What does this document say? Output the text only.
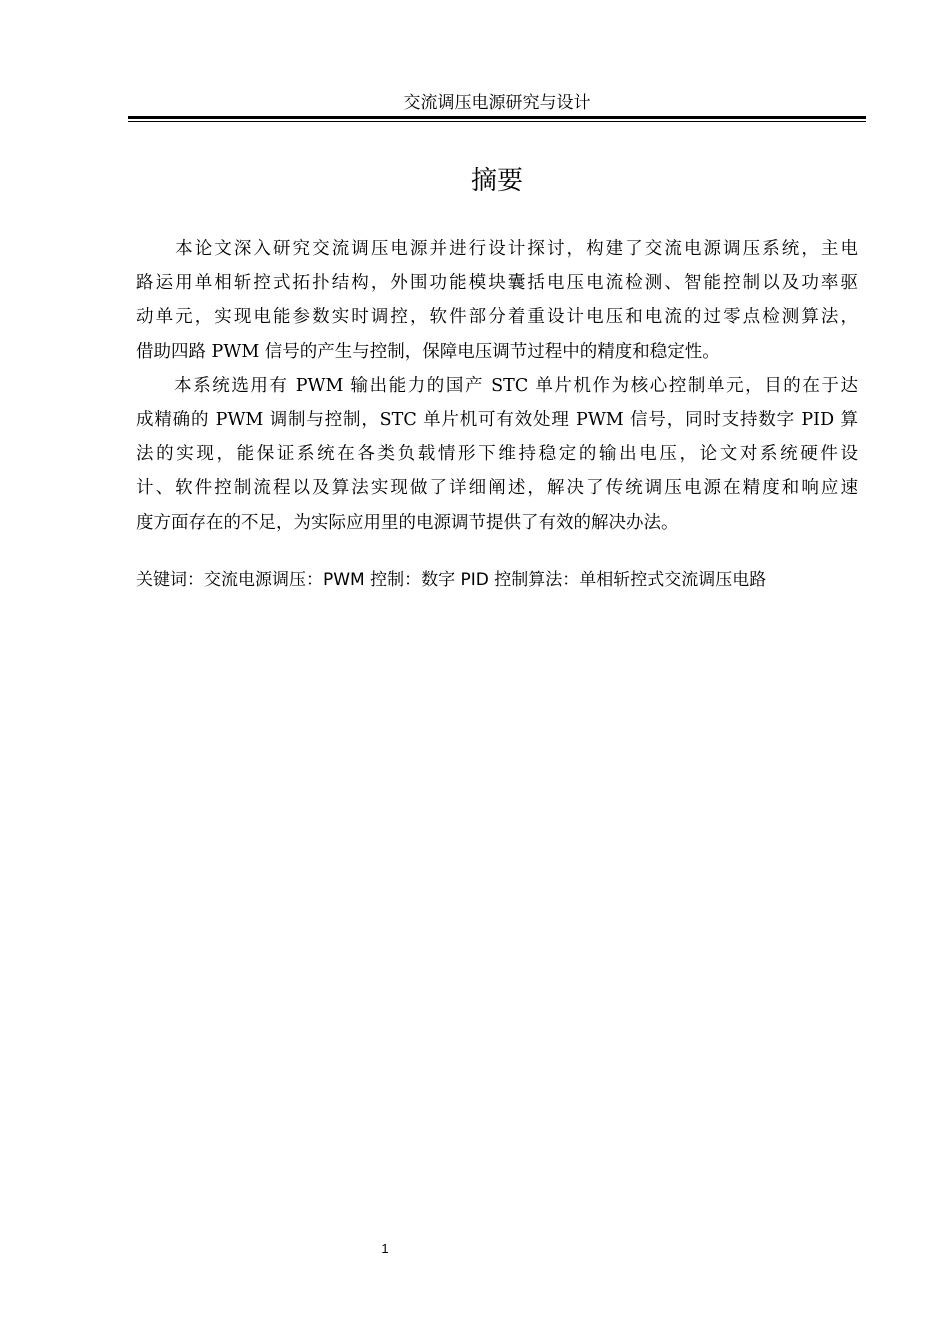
交流调压电源研究与设计
摘要
　　本论文深入研究交流调压电源并进行设计探讨，构建了交流电源调压系统，主电
路运用单相斩控式拓扑结构，外围功能模块囊括电压电流检测、智能控制以及功率驱
动单元，实现电能参数实时调控，软件部分着重设计电压和电流的过零点检测算法，
借助四路 PWM 信号的产生与控制，保障电压调节过程中的精度和稳定性。
　　本系统选用有 PWM 输出能力的国产 STC 单片机作为核心控制单元，目的在于达
成精确的 PWM 调制与控制，STC 单片机可有效处理 PWM 信号，同时支持数字 PID 算
法的实现，能保证系统在各类负载情形下维持稳定的输出电压，论文对系统硬件设
计、软件控制流程以及算法实现做了详细阐述，解决了传统调压电源在精度和响应速
度方面存在的不足，为实际应用里的电源调节提供了有效的解决办法。
关键词：交流电源调压：PWM 控制：数字 PID 控制算法：单相斩控式交流调压电路
1
